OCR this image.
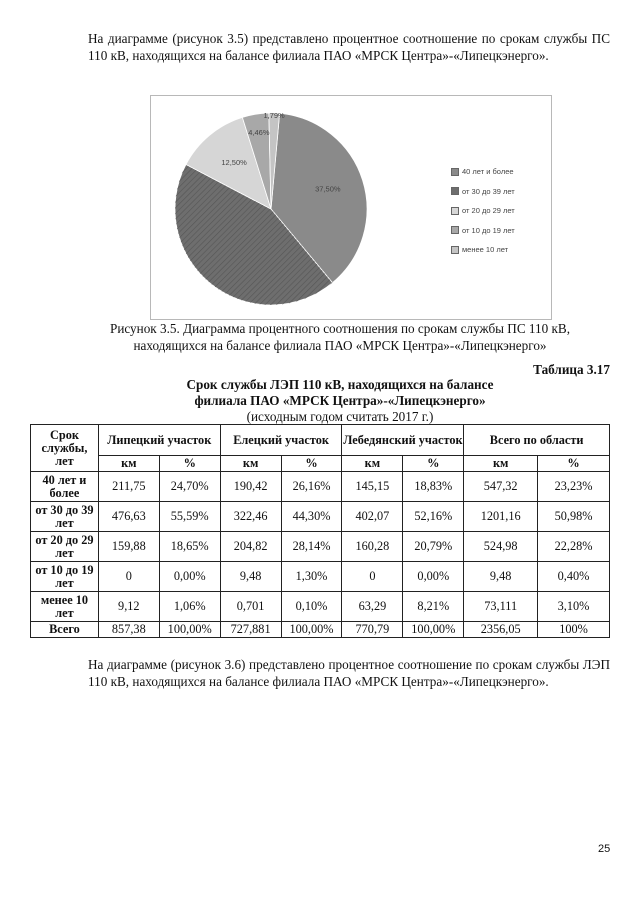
На диаграмме (рисунок 3.5) представлено процентное соотношение по срокам службы ПС 110 кВ, находящихся на балансе филиала ПАО «МРСК Центра»-«Липецкэнерго».

37,50%
12,50%
4,46%
1,79%
40 лет и более
от 30 до 39 лет
от 20 до 29 лет
от 10 до 19 лет
менее 10 лет
Рисунок 3.5. Диаграмма процентного соотношения по срокам службы ПС 110 кВ,
находящихся на балансе филиала ПАО «МРСК Центра»-«Липецкэнерго»
Таблица 3.17
Срок службы ЛЭП 110 кВ, находящихся на балансе
филиала ПАО «МРСК Центра»-«Липецкэнерго»
(исходным годом считать 2017 г.)
Срок службы, лет	Липецкий участок		Елецкий участок		Лебедянский участок		Всего по области	
	км	%	км	%	км	%	км	%
40 лет и более	211,75	24,70%	190,42	26,16%	145,15	18,83%	547,32	23,23%
от 30 до 39 лет	476,63	55,59%	322,46	44,30%	402,07	52,16%	1201,16	50,98%
от 20 до 29 лет	159,88	18,65%	204,82	28,14%	160,28	20,79%	524,98	22,28%
от 10 до 19 лет	0	0,00%	9,48	1,30%	0	0,00%	9,48	0,40%
менее 10 лет	9,12	1,06%	0,701	0,10%	63,29	8,21%	73,111	3,10%
Всего	857,38	100,00%	727,881	100,00%	770,79	100,00%	2356,05	100%

На диаграмме (рисунок 3.6) представлено процентное соотношение по срокам службы ЛЭП 110 кВ, находящихся на балансе филиала ПАО «МРСК Центра»-«Липецкэнерго».

25
